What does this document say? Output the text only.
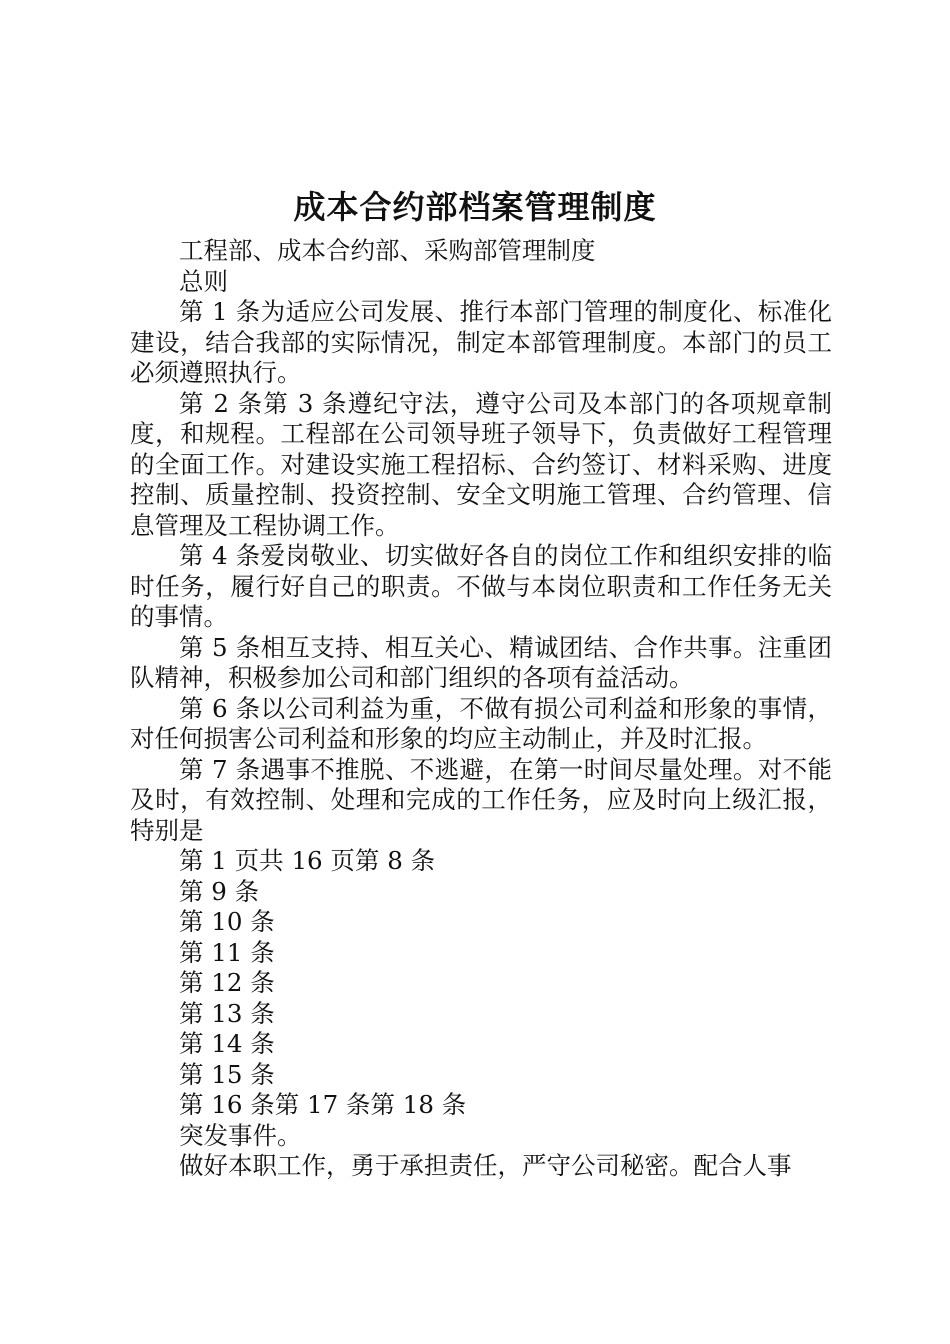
成本合约部档案管理制度

工程部、成本合约部、采购部管理制度

总则

第 1 条为适应公司发展、推行本部门管理的制度化、标准化建设，结合我部的实际情况，制定本部管理制度。本部门的员工必须遵照执行。

第 2 条第 3 条遵纪守法，遵守公司及本部门的各项规章制度，和规程。工程部在公司领导班子领导下，负责做好工程管理的全面工作。对建设实施工程招标、合约签订、材料采购、进度控制、质量控制、投资控制、安全文明施工管理、合约管理、信息管理及工程协调工作。

第 4 条爱岗敬业、切实做好各自的岗位工作和组织安排的临时任务，履行好自己的职责。不做与本岗位职责和工作任务无关的事情。

第 5 条相互支持、相互关心、精诚团结、合作共事。注重团队精神，积极参加公司和部门组织的各项有益活动。

第 6 条以公司利益为重，不做有损公司利益和形象的事情，对任何损害公司利益和形象的均应主动制止，并及时汇报。

第 7 条遇事不推脱、不逃避，在第一时间尽量处理。对不能及时，有效控制、处理和完成的工作任务，应及时向上级汇报，特别是

第 1 页共 16 页第 8 条

第 9 条

第 10 条

第 11 条

第 12 条

第 13 条

第 14 条

第 15 条

第 16 条第 17 条第 18 条

突发事件。

做好本职工作，勇于承担责任，严守公司秘密。配合人事
